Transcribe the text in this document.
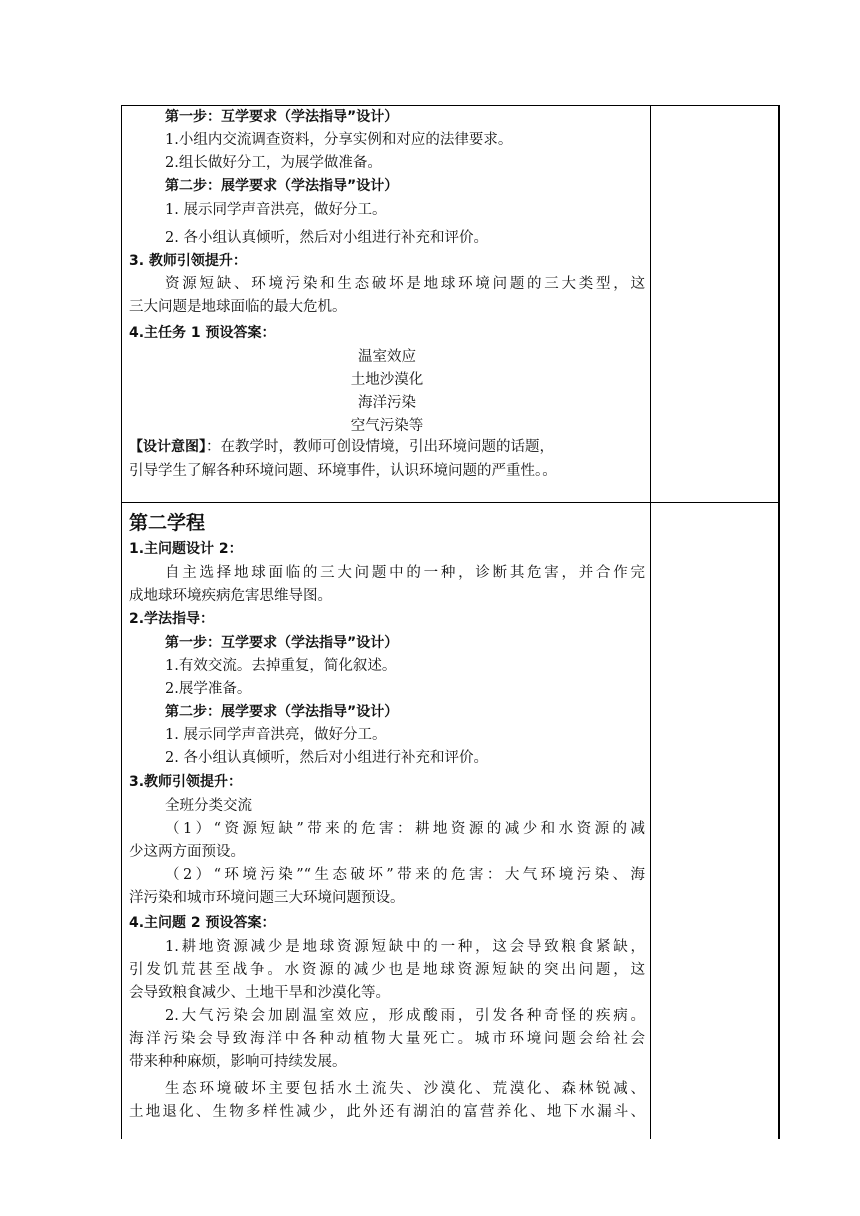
第一步：互学要求（学法指导”设计）
1.小组内交流调查资料，分享实例和对应的法律要求。
2.组长做好分工，为展学做准备。
第二步：展学要求（学法指导”设计）
1. 展示同学声音洪亮，做好分工。
2. 各小组认真倾听，然后对小组进行补充和评价。
3. 教师引领提升：
资源短缺、环境污染和生态破坏是地球环境问题的三大类型，这
三大问题是地球面临的最大危机。
4.主任务 1 预设答案：
温室效应
土地沙漠化
海洋污染
空气污染等
【设计意图】：在教学时，教师可创设情境，引出环境问题的话题，
引导学生了解各种环境问题、环境事件，认识环境问题的严重性。。
第二学程
1.主问题设计 2：
自主选择地球面临的三大问题中的一种，诊断其危害，并合作完
成地球环境疾病危害思维导图。
2.学法指导：
第一步：互学要求（学法指导”设计）
1.有效交流。去掉重复，简化叙述。
2.展学准备。
第二步：展学要求（学法指导”设计）
1. 展示同学声音洪亮，做好分工。
2. 各小组认真倾听，然后对小组进行补充和评价。
3.教师引领提升：
全班分类交流
（1）“资源短缺”带来的危害：耕地资源的减少和水资源的减
少这两方面预设。
（2）“环境污染”“生态破坏”带来的危害：大气环境污染、海
洋污染和城市环境问题三大环境问题预设。
4.主问题 2 预设答案：
1.耕地资源减少是地球资源短缺中的一种，这会导致粮食紧缺，
引发饥荒甚至战争。水资源的减少也是地球资源短缺的突出问题，这
会导致粮食减少、土地干旱和沙漠化等。
2.大气污染会加剧温室效应，形成酸雨，引发各种奇怪的疾病。
海洋污染会导致海洋中各种动植物大量死亡。城市环境问题会给社会
带来种种麻烦，影响可持续发展。
生态环境破坏主要包括水土流失、沙漠化、荒漠化、森林锐减、
土地退化、生物多样性减少，此外还有湖泊的富营养化、地下水漏斗、
